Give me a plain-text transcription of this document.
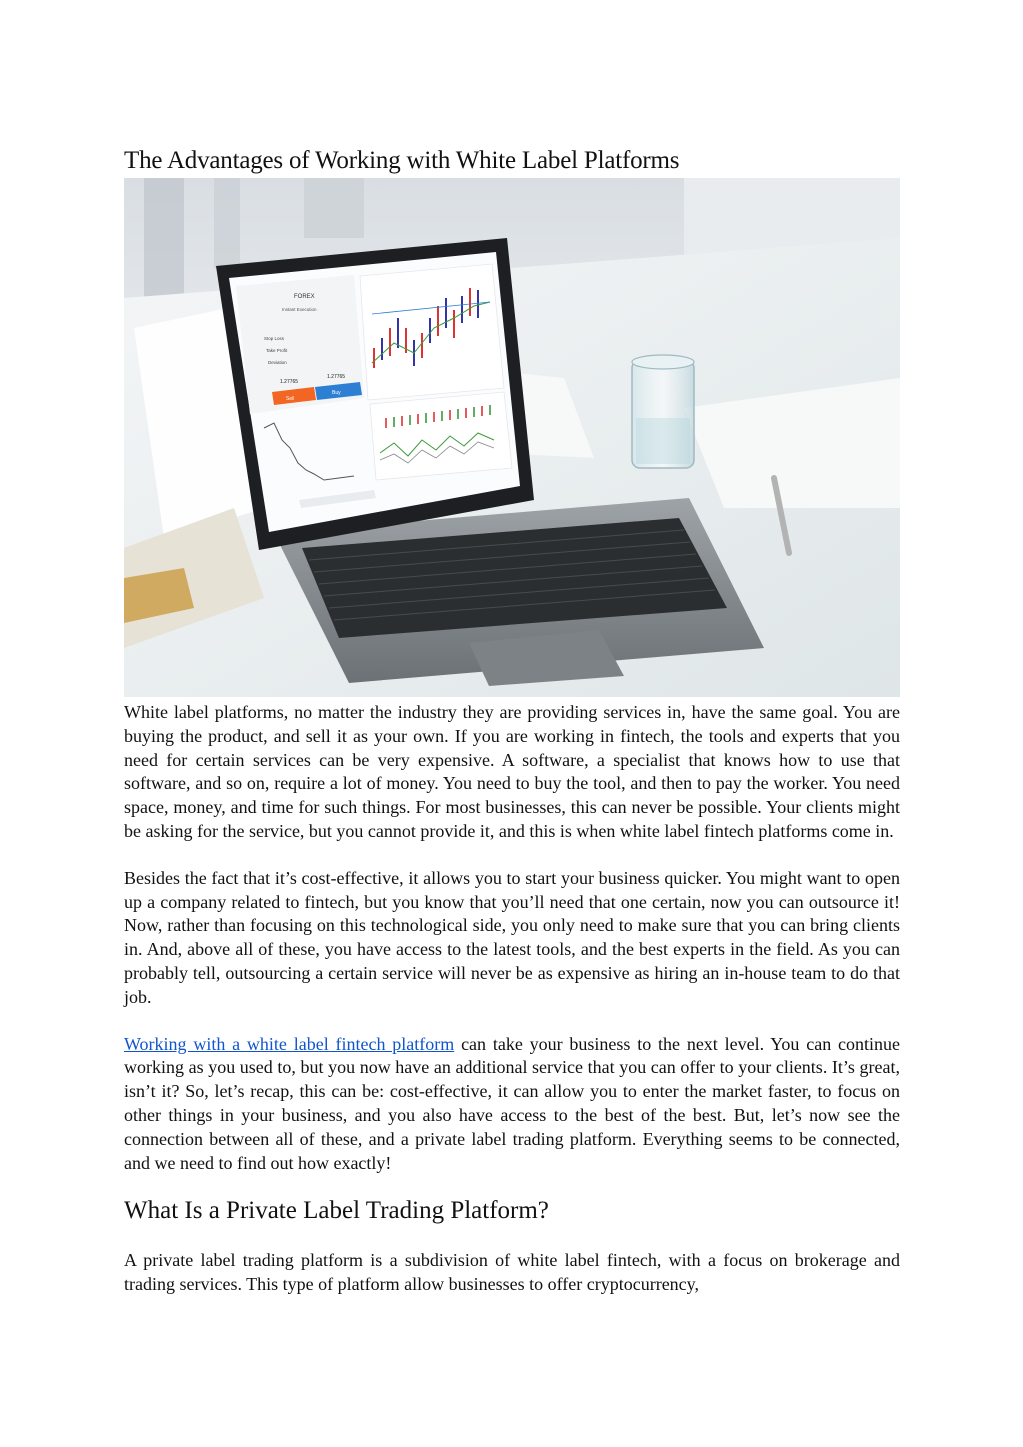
The Advantages of Working with White Label Platforms
FOREX
Instant Execution
Stop Loss
Take Profit
Deviation
1.27765
1.27765
Sell
Buy

White label platforms, no matter the industry they are providing services in, have the same goal. You are buying the product, and sell it as your own. If you are working in fintech, the tools and experts that you need for certain services can be very expensive. A software, a specialist that knows how to use that software, and so on, require a lot of money. You need to buy the tool, and then to pay the worker. You need space, money, and time for such things. For most businesses, this can never be possible. Your clients might be asking for the service, but you cannot provide it, and this is when white label fintech platforms come in.

Besides the fact that it’s cost-effective, it allows you to start your business quicker. You might want to open up a company related to fintech, but you know that you’ll need that one certain, now you can outsource it! Now, rather than focusing on this technological side, you only need to make sure that you can bring clients in. And, above all of these, you have access to the latest tools, and the best experts in the field. As you can probably tell, outsourcing a certain service will never be as expensive as hiring an in-house team to do that job.

Working with a white label fintech platform can take your business to the next level. You can continue working as you used to, but you now have an additional service that you can offer to your clients. It’s great, isn’t it? So, let’s recap, this can be: cost-effective, it can allow you to enter the market faster, to focus on other things in your business, and you also have access to the best of the best. But, let’s now see the connection between all of these, and a private label trading platform. Everything seems to be connected, and we need to find out how exactly!

What Is a Private Label Trading Platform?

A private label trading platform is a subdivision of white label fintech, with a focus on brokerage and trading services. This type of platform allow businesses to offer cryptocurrency,
